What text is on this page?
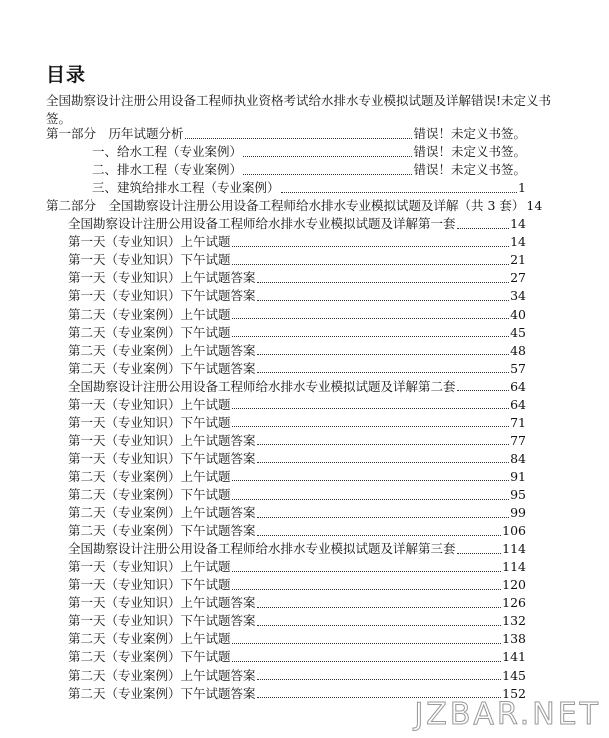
目录
全国勘察设计注册公用设备工程师执业资格考试给水排水专业模拟试题及详解错误!未定义书签。
第一部分　历年试题分析	错误！未定义书签。
一、给水工程（专业案例）	错误！未定义书签。
二、排水工程（专业案例）	错误！未定义书签。
三、建筑给排水工程（专业案例）	1
第二部分　全国勘察设计注册公用设备工程师给水排水专业模拟试题及详解（共 3 套） 14
全国勘察设计注册公用设备工程师给水排水专业模拟试题及详解第一套	14
第一天（专业知识）上午试题	14
第一天（专业知识）下午试题	21
第一天（专业知识）上午试题答案	27
第一天（专业知识）下午试题答案	34
第二天（专业案例）上午试题	40
第二天（专业案例）下午试题	45
第二天（专业案例）上午试题答案	48
第二天（专业案例）下午试题答案	57
全国勘察设计注册公用设备工程师给水排水专业模拟试题及详解第二套	64
第一天（专业知识）上午试题	64
第一天（专业知识）下午试题	71
第一天（专业知识）上午试题答案	77
第一天（专业知识）下午试题答案	84
第二天（专业案例）上午试题	91
第二天（专业案例）下午试题	95
第二天（专业案例）上午试题答案	99
第二天（专业案例）下午试题答案	106
全国勘察设计注册公用设备工程师给水排水专业模拟试题及详解第三套	114
第一天（专业知识）上午试题	114
第一天（专业知识）下午试题	120
第一天（专业知识）上午试题答案	126
第一天（专业知识）下午试题答案	132
第二天（专业案例）上午试题	138
第二天（专业案例）下午试题	141
第二天（专业案例）上午试题答案	145
第二天（专业案例）下午试题答案	152
JZBAR.NET
